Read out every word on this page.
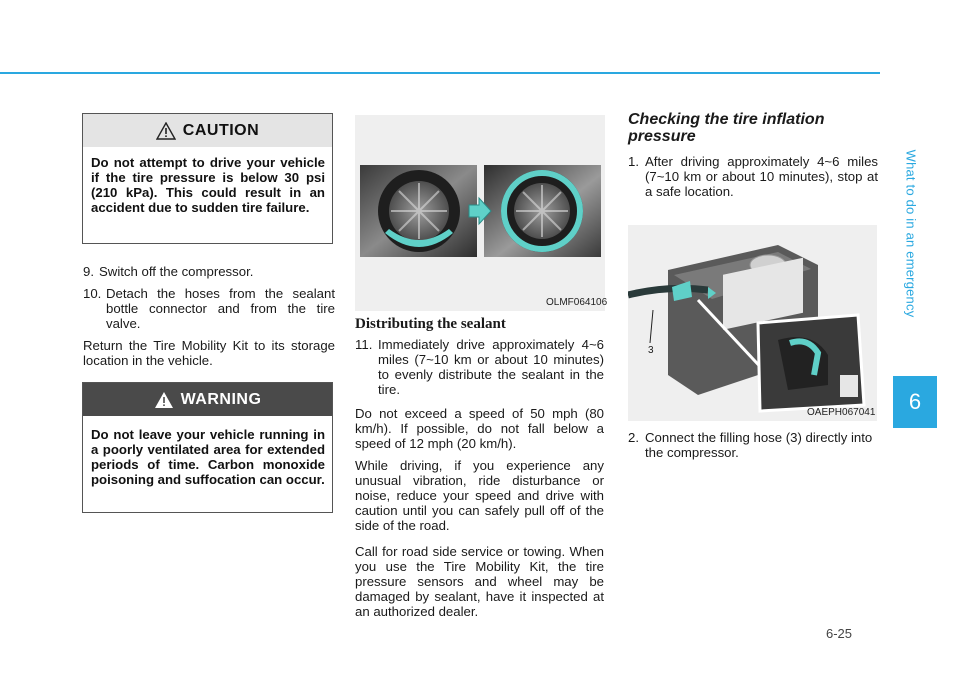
What to do in an emergency
6
6-25
CAUTION
Do not attempt to drive your vehicle if the tire pressure is below 30 psi (210 kPa). This could result in an accident due to sudden tire failure.
9. Switch off the compressor.
10. Detach the hoses from the sealant bottle connector and from the tire valve.
Return the Tire Mobility Kit to its storage location in the vehicle.
WARNING
Do not leave your vehicle running in a poorly ventilated area for extended periods of time. Carbon monoxide poisoning and suffocation can occur.
OLMF064106
Distributing the sealant
11. Immediately drive approximately 4~6 miles (7~10 km or about 10 minutes) to evenly distribute the sealant in the tire.
Do not exceed a speed of 50 mph (80 km/h). If possible, do not fall below a speed of 12 mph (20 km/h).
While driving, if you experience any unusual vibration, ride disturbance or noise, reduce your speed and drive with caution until you can safely pull off of the side of the road.
Call for road side service or towing. When you use the Tire Mobility Kit, the tire pressure sensors and wheel may be damaged by sealant, have it inspected at an authorized dealer.
Checking the tire inflation pressure
1. After driving approximately 4~6 miles (7~10 km or about 10 minutes), stop at a safe location.
3
OAEPH067041
2. Connect the filling hose (3) directly into the compressor.
